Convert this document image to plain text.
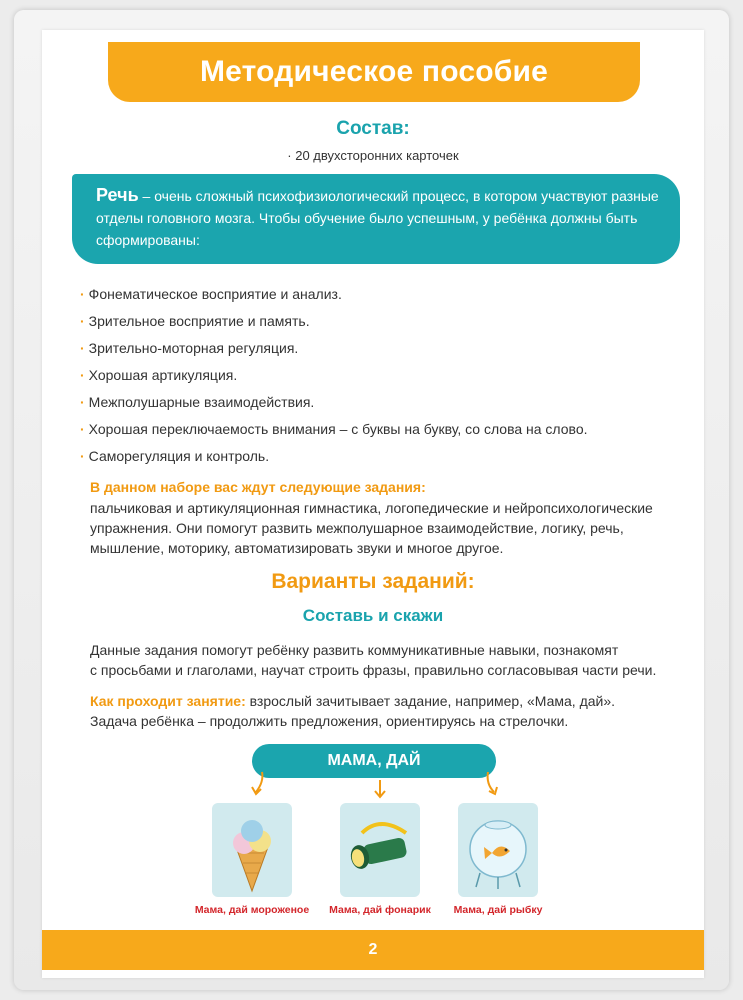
Методическое пособие
Состав:
· 20 двухсторонних карточек
Речь – очень сложный психофизиологический процесс, в котором участвуют разные отделы головного мозга. Чтобы обучение было успешным, у ребёнка должны быть сформированы:
· Фонематическое восприятие и анализ.
· Зрительное восприятие и память.
· Зрительно-моторная регуляция.
· Хорошая артикуляция.
· Межполушарные взаимодействия.
· Хорошая переключаемость внимания – с буквы на букву, со слова на слово.
· Саморегуляция и контроль.
В данном наборе вас ждут следующие задания:
пальчиковая и артикуляционная гимнастика, логопедические и нейропсихологические
упражнения. Они помогут развить межполушарное взаимодействие, логику, речь,
мышление, моторику, автоматизировать звуки и многое другое.
Варианты заданий:
Составь и скажи
Данные задания помогут ребёнку развить коммуникативные навыки, познакомят
с просьбами и глаголами, научат строить фразы, правильно согласовывая части речи.
Как проходит занятие: взрослый зачитывает задание, например, «Мама, дай».
Задача ребёнка – продолжить предложения, ориентируясь на стрелочки.
МАМА, ДАЙ
Мама, дай мороженое	Мама, дай фонарик	Мама, дай рыбку
2
